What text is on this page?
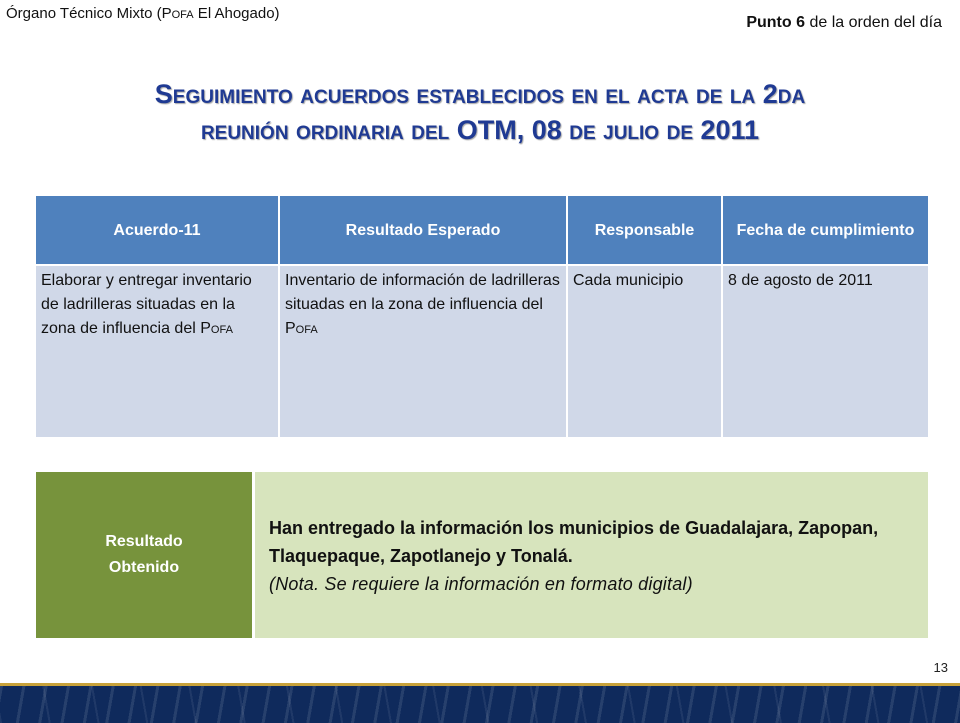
Órgano Técnico Mixto (Pofa El Ahogado)
Punto 6 de la orden del día
Seguimiento acuerdos establecidos en el acta de la 2da
reunión ordinaria del OTM, 08 de julio de 2011
Acuerdo-11	Resultado Esperado	Responsable	Fecha de cumplimiento
Elaborar y entregar inventario de ladrilleras situadas en la zona de influencia del Pofa	Inventario de información de ladrilleras situadas en la zona de influencia del Pofa	Cada municipio	8 de agosto de 2011
Resultado Obtenido
Han entregado la información los municipios de Guadalajara, Zapopan, Tlaquepaque, Zapotlanejo y Tonalá.
(Nota. Se requiere la información en formato digital)
13
